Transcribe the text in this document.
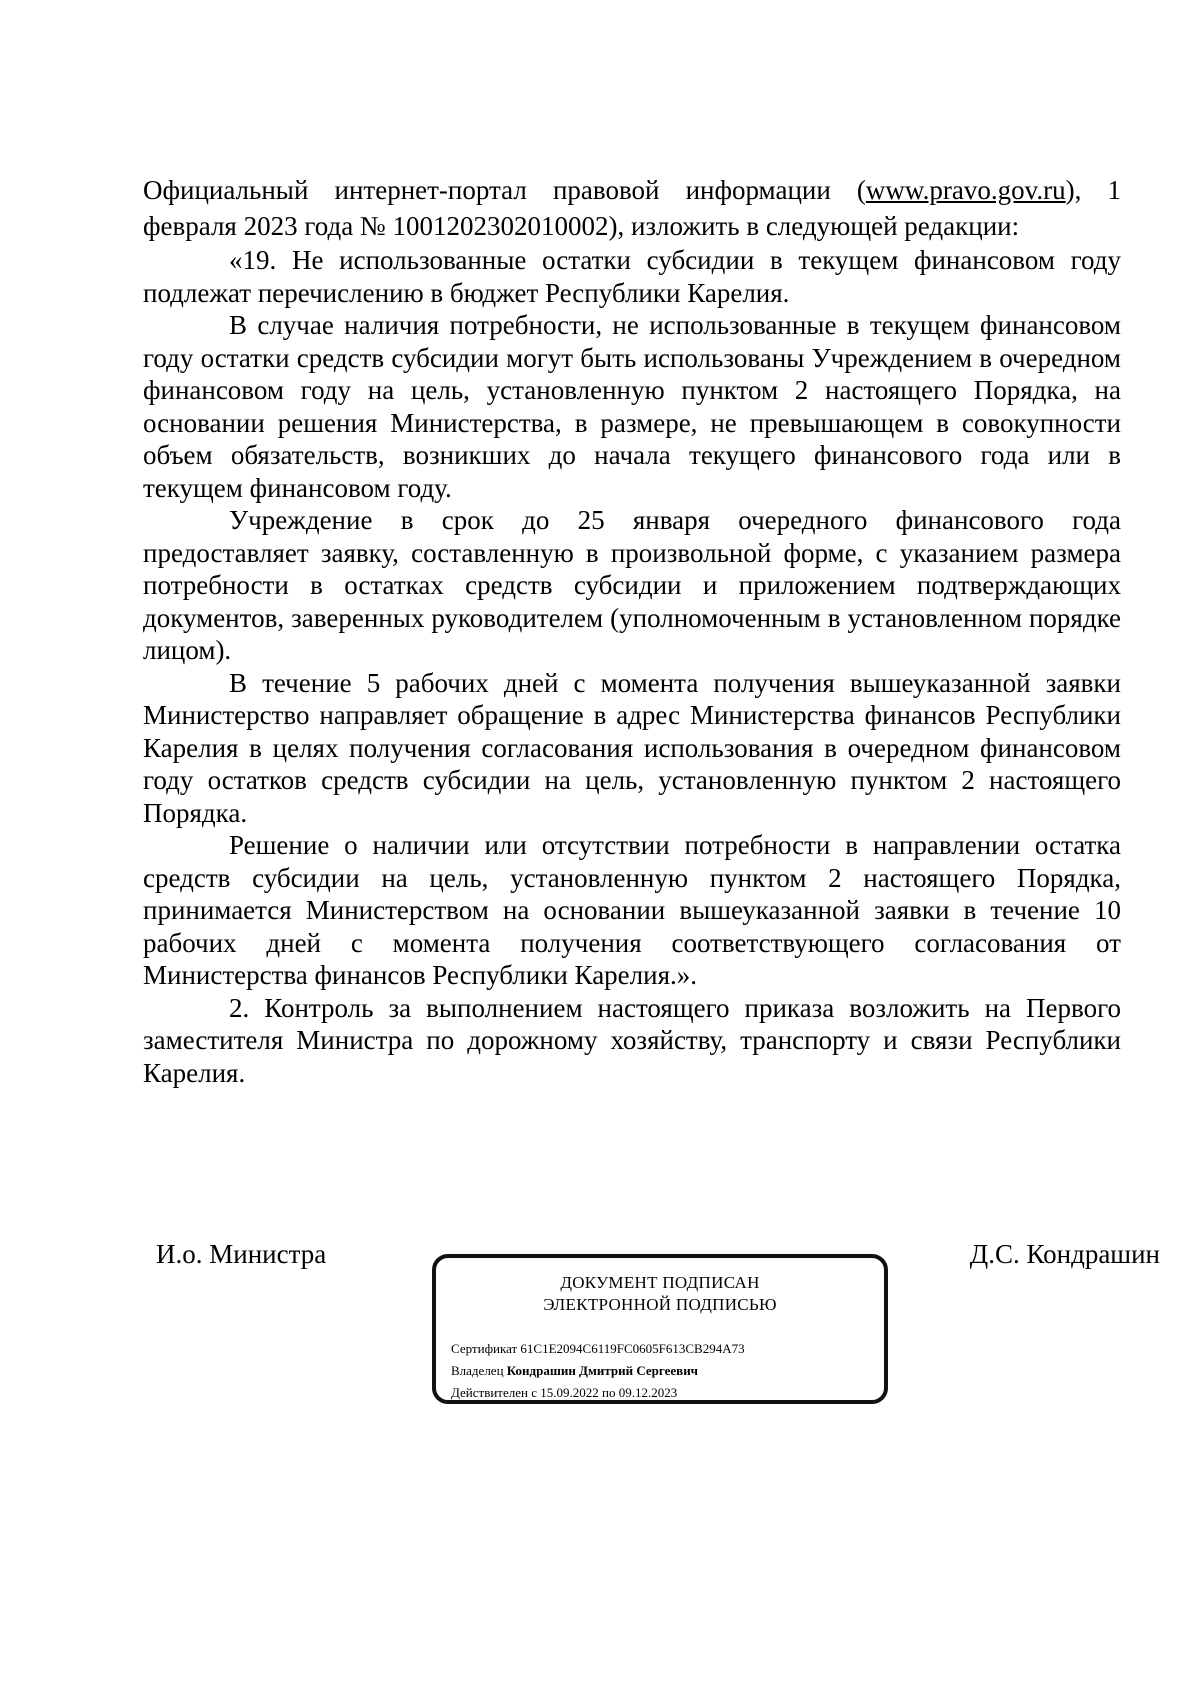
Официальный интернет-портал правовой информации (www.pravo.gov.ru), 1 февраля 2023 года № 1001202302010002), изложить в следующей редакции:

«19. Не использованные остатки субсидии в текущем финансовом году подлежат перечислению в бюджет Республики Карелия.

В случае наличия потребности, не использованные в текущем финансовом году остатки средств субсидии могут быть использованы Учреждением в очередном финансовом году на цель, установленную пунктом 2 настоящего Порядка, на основании решения Министерства, в размере, не превышающем в совокупности объем обязательств, возникших до начала текущего финансового года или в текущем финансовом году.

Учреждение в срок до 25 января очередного финансового года предоставляет заявку, составленную в произвольной форме, с указанием размера потребности в остатках средств субсидии и приложением подтверждающих документов, заверенных руководителем (уполномоченным в установленном порядке лицом).

В течение 5 рабочих дней с момента получения вышеуказанной заявки Министерство направляет обращение в адрес Министерства финансов Республики Карелия в целях получения согласования использования в очередном финансовом году остатков средств субсидии на цель, установленную пунктом 2 настоящего Порядка.

Решение о наличии или отсутствии потребности в направлении остатка средств субсидии на цель, установленную пунктом 2 настоящего Порядка, принимается Министерством на основании вышеуказанной заявки в течение 10 рабочих дней с момента получения соответствующего согласования от Министерства финансов Республики Карелия.».

2. Контроль за выполнением настоящего приказа возложить на Первого заместителя Министра по дорожному хозяйству, транспорту и связи Республики Карелия.

И.о. Министра	Д.С. Кондрашин
ДОКУМЕНТ ПОДПИСАН
ЭЛЕКТРОННОЙ ПОДПИСЬЮ
Сертификат 61C1E2094C6119FC0605F613CB294A73
Владелец Кондрашин Дмитрий Сергеевич
Действителен с 15.09.2022 по 09.12.2023
